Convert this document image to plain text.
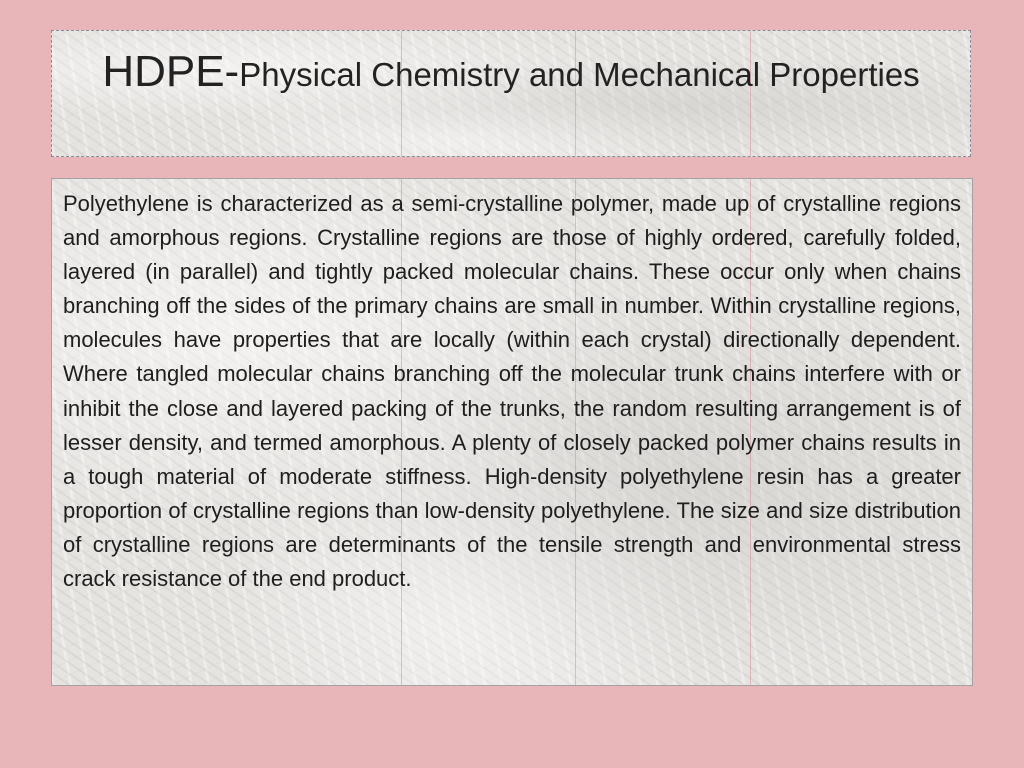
HDPE-Physical Chemistry and Mechanical Properties

Polyethylene is characterized as a semi-crystalline polymer, made up of crystalline regions and amorphous regions. Crystalline regions are those of highly ordered, carefully folded, layered (in parallel) and tightly packed molecular chains. These occur only when chains branching off the sides of the primary chains are small in number. Within crystalline regions, molecules have properties that are locally (within each crystal) directionally dependent. Where tangled molecular chains branching off the molecular trunk chains interfere with or inhibit the close and layered packing of the trunks, the random resulting arrangement is of lesser density, and termed amorphous. A plenty of closely packed polymer chains results in a tough material of moderate stiffness. High-density polyethylene resin has a greater proportion of crystalline regions than low-density polyethylene. The size and size distribution of crystalline regions are determinants of the tensile strength and environmental stress crack resistance of the end product.
